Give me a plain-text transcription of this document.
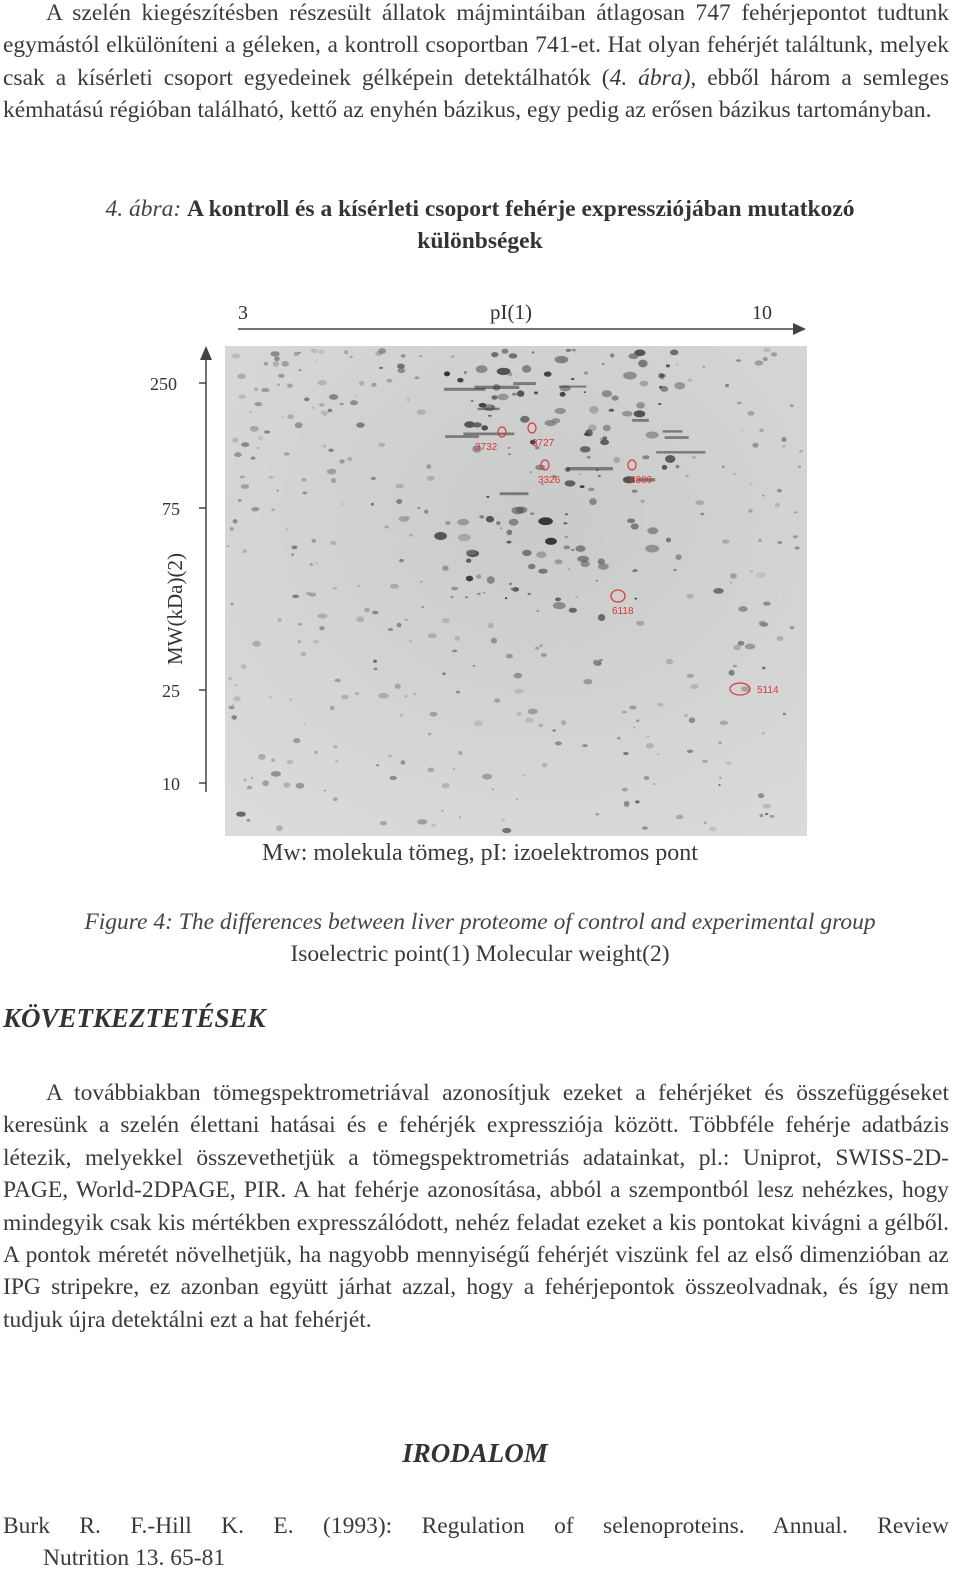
A szelén kiegészítésben részesült állatok májmintáiban átlagosan 747 fehérjepontot tudtunk egymástól elkülöníteni a géleken, a kontroll csoportban 741-et. Hat olyan fehérjét találtunk, melyek csak a kísérleti csoport egyedeinek gélképein detektálhatók (4. ábra), ebből három a semleges kémhatású régióban található, kettő az enyhén bázikus, egy pedig az erősen bázikus tartományban.

4. ábra: A kontroll és a kísérleti csoport fehérje expressziójában mutatkozó
különbségek
3	pI(1)	10
250
75
25
10
MW(kDa)(2)
3732	3727
3326	8809
6118
5114
Mw: molekula tömeg, pI: izoelektromos pont
Figure 4: The differences between liver proteome of control and experimental group
Isoelectric point(1) Molecular weight(2)
KÖVETKEZTETÉSEK

A továbbiakban tömegspektrometriával azonosítjuk ezeket a fehérjéket és összefüggéseket keresünk a szelén élettani hatásai és e fehérjék expressziója között. Többféle fehérje adatbázis létezik, melyekkel összevethetjük a tömegspektrometriás adatainkat, pl.: Uniprot, SWISS-2D-PAGE, World-2DPAGE, PIR. A hat fehérje azonosítása, abból a szempontból lesz nehézkes, hogy mindegyik csak kis mértékben expresszálódott, nehéz feladat ezeket a kis pontokat kivágni a gélből. A pontok méretét növelhetjük, ha nagyobb mennyiségű fehérjét viszünk fel az első dimenzióban az IPG stripekre, ez azonban együtt járhat azzal, hogy a fehérjepontok összeolvadnak, és így nem tudjuk újra detektálni ezt a hat fehérjét.

IRODALOM

Burk R. F.-Hill K. E. (1993): Regulation of selenoproteins. Annual. Review
Nutrition 13. 65-81
